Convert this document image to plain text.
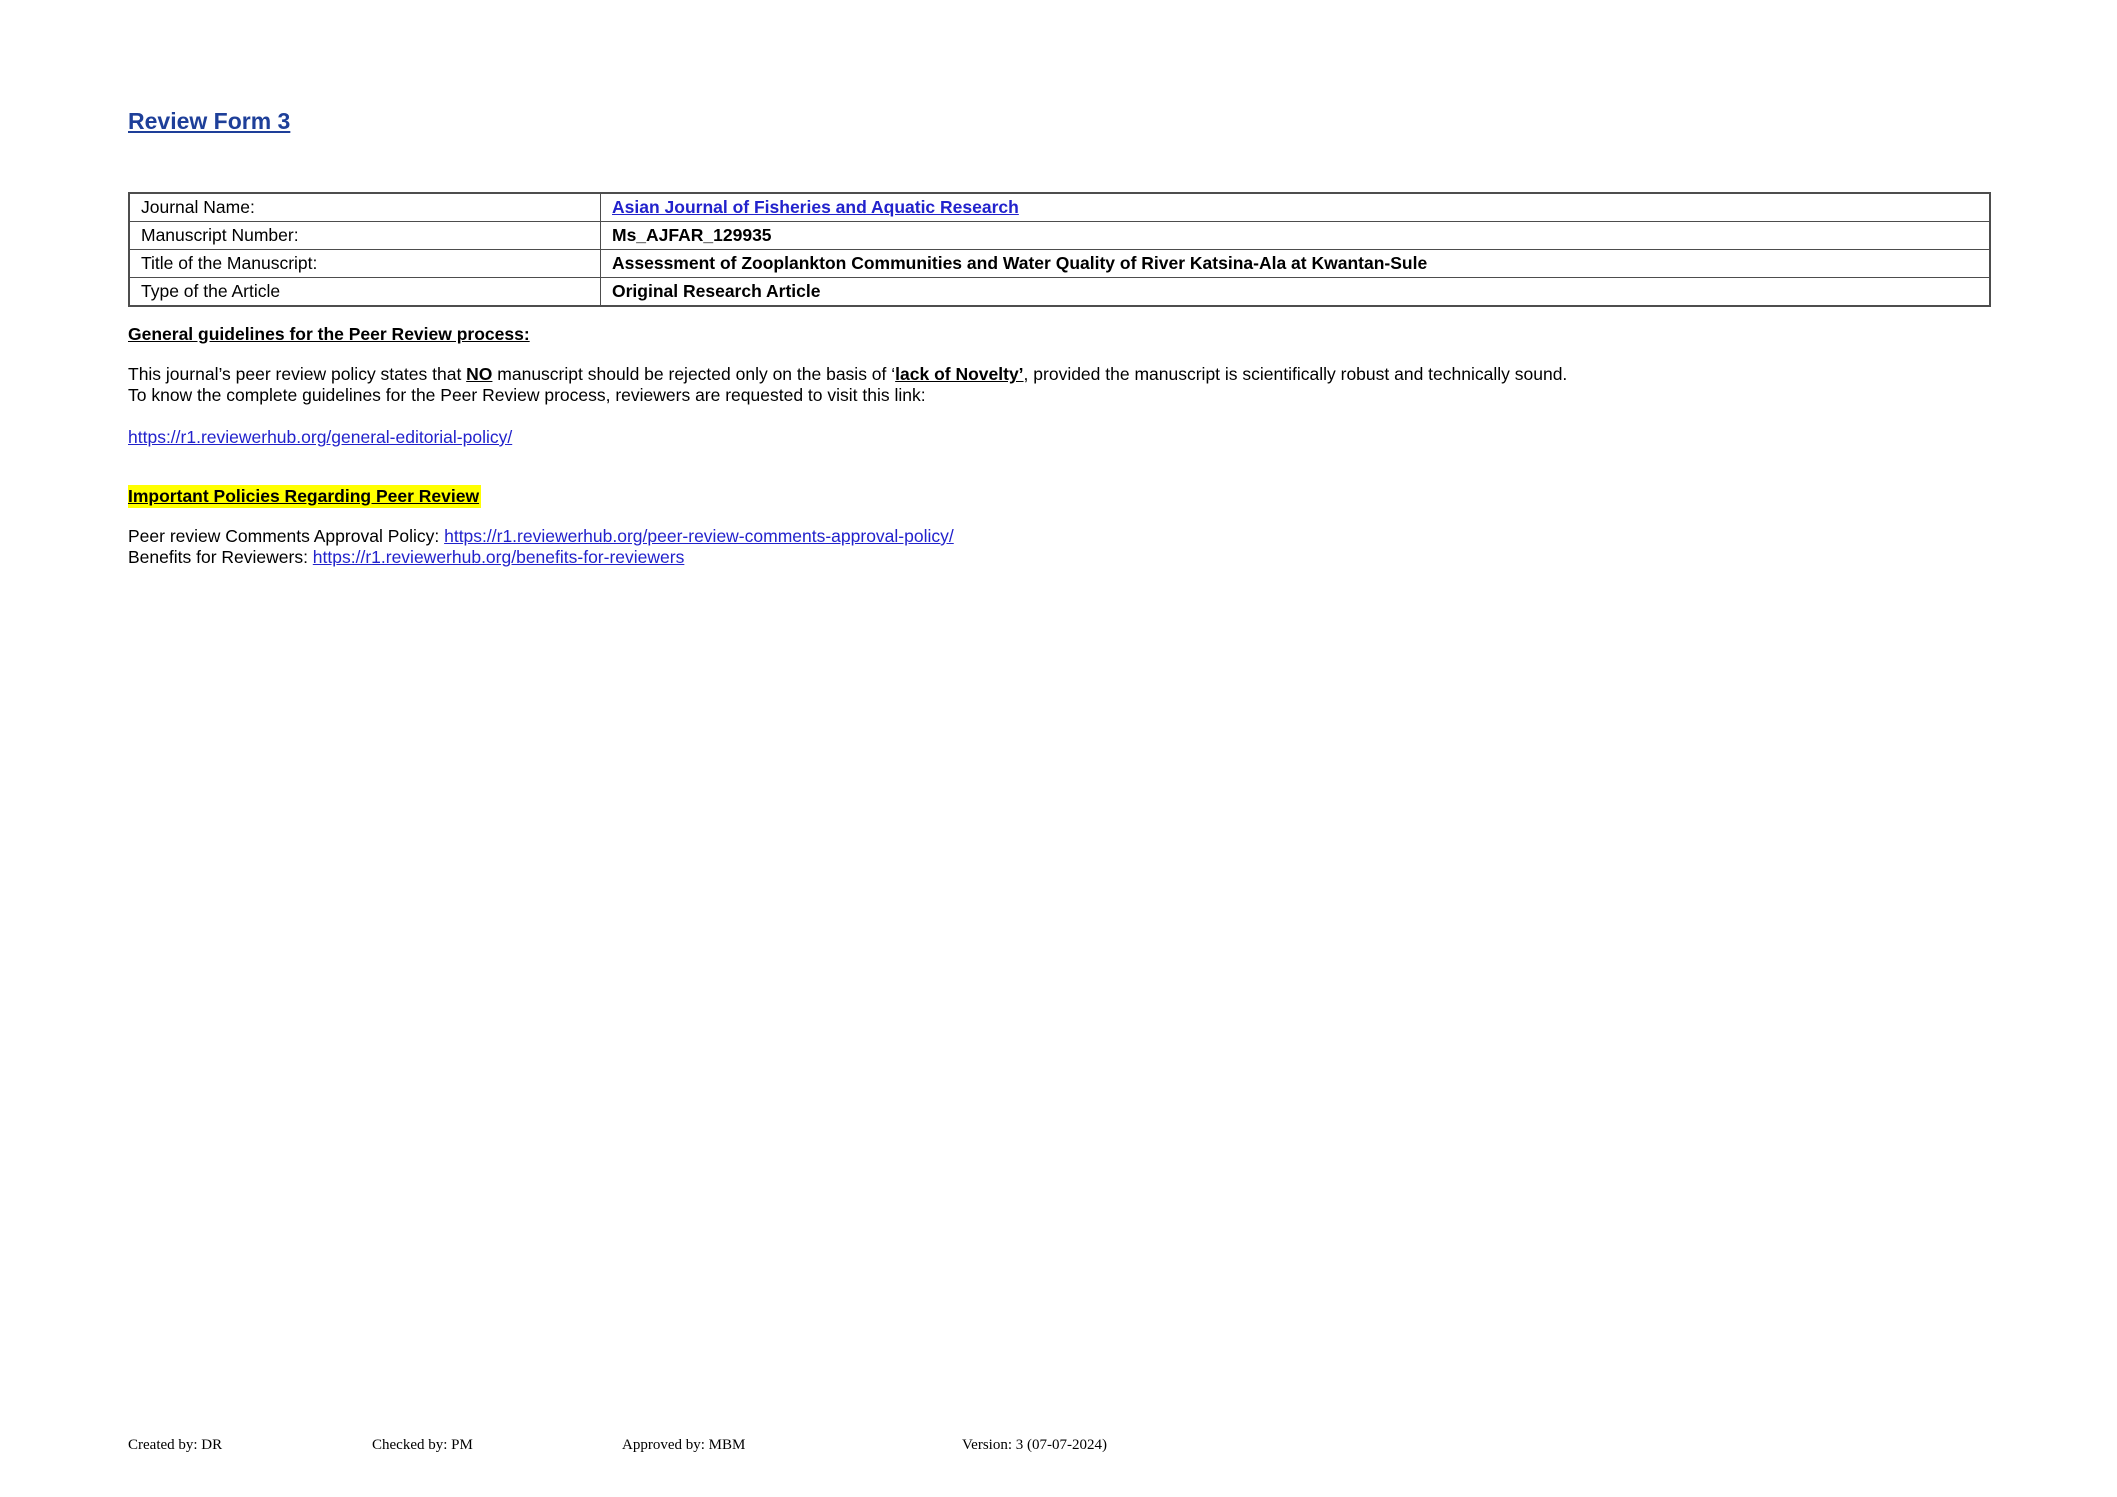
Review Form 3
Journal Name:	Asian Journal of Fisheries and Aquatic Research
Manuscript Number:	Ms_AJFAR_129935
Title of the Manuscript:	Assessment of Zooplankton Communities and Water Quality of River Katsina-Ala at Kwantan-Sule
Type of the Article	Original Research Article
General guidelines for the Peer Review process:
This journal’s peer review policy states that NO manuscript should be rejected only on the basis of ‘lack of Novelty’, provided the manuscript is scientifically robust and technically sound.
To know the complete guidelines for the Peer Review process, reviewers are requested to visit this link:
https://r1.reviewerhub.org/general-editorial-policy/
Important Policies Regarding Peer Review
Peer review Comments Approval Policy: https://r1.reviewerhub.org/peer-review-comments-approval-policy/
Benefits for Reviewers: https://r1.reviewerhub.org/benefits-for-reviewers
Created by: DR	Checked by: PM	Approved by: MBM	Version: 3 (07-07-2024)
